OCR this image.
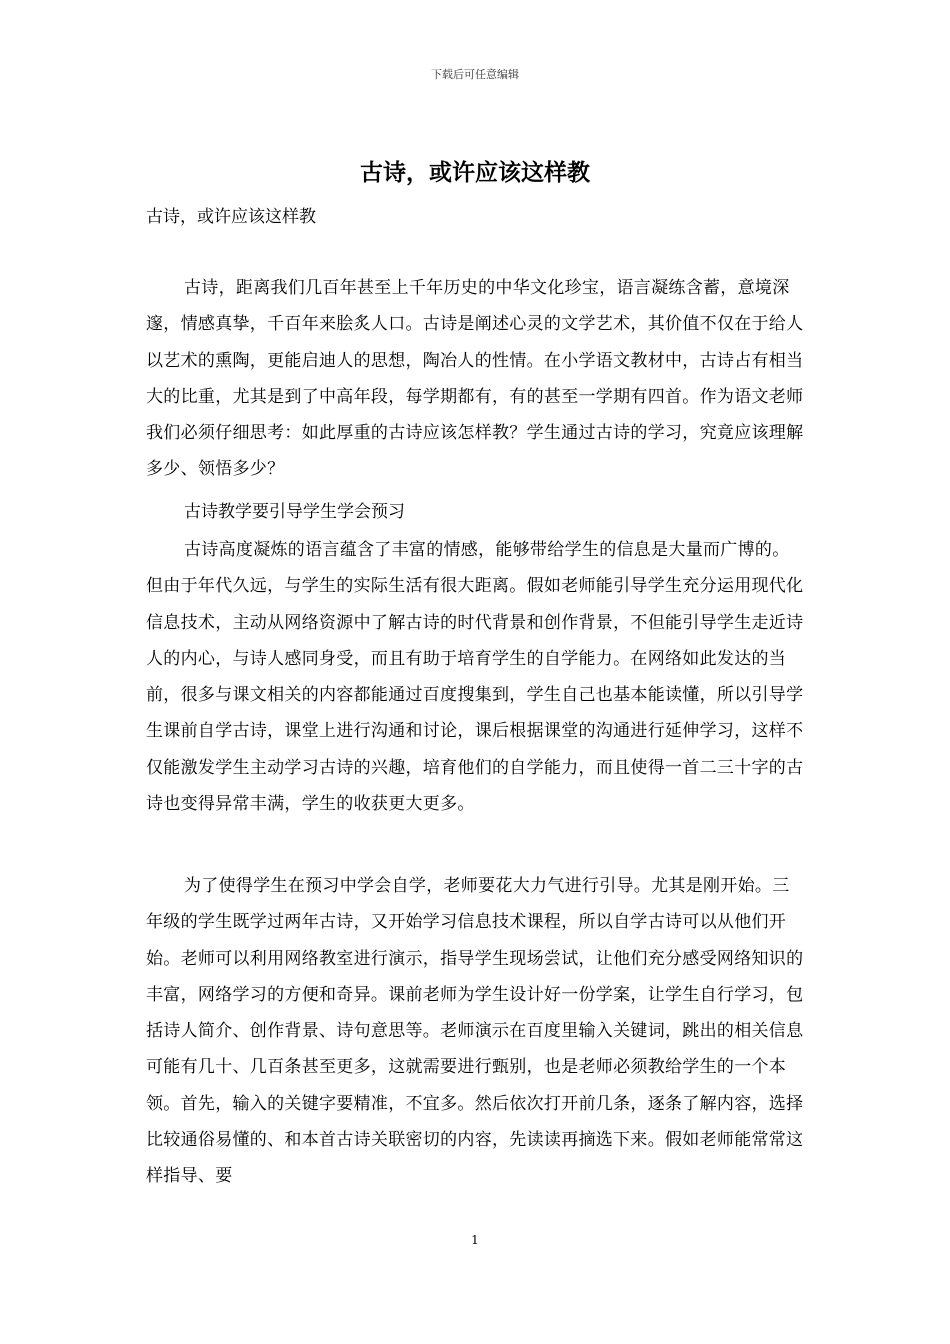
下载后可任意编辑
古诗，或许应该这样教

古诗，或许应该这样教

古诗，距离我们几百年甚至上千年历史的中华文化珍宝，语言凝练含蓄，意境深邃，情感真挚，千百年来脍炙人口。古诗是阐述心灵的文学艺术，其价值不仅在于给人以艺术的熏陶，更能启迪人的思想，陶冶人的性情。在小学语文教材中，古诗占有相当大的比重，尤其是到了中高年段，每学期都有，有的甚至一学期有四首。作为语文老师我们必须仔细思考：如此厚重的古诗应该怎样教？学生通过古诗的学习，究竟应该理解多少、领悟多少？

古诗教学要引导学生学会预习

古诗高度凝炼的语言蕴含了丰富的情感，能够带给学生的信息是大量而广博的。但由于年代久远，与学生的实际生活有很大距离。假如老师能引导学生充分运用现代化信息技术，主动从网络资源中了解古诗的时代背景和创作背景，不但能引导学生走近诗人的内心，与诗人感同身受，而且有助于培育学生的自学能力。在网络如此发达的当前，很多与课文相关的内容都能通过百度搜集到，学生自己也基本能读懂，所以引导学生课前自学古诗，课堂上进行沟通和讨论，课后根据课堂的沟通进行延伸学习，这样不仅能激发学生主动学习古诗的兴趣，培育他们的自学能力，而且使得一首二三十字的古诗也变得异常丰满，学生的收获更大更多。

为了使得学生在预习中学会自学，老师要花大力气进行引导。尤其是刚开始。三年级的学生既学过两年古诗，又开始学习信息技术课程，所以自学古诗可以从他们开始。老师可以利用网络教室进行演示，指导学生现场尝试，让他们充分感受网络知识的丰富，网络学习的方便和奇异。课前老师为学生设计好一份学案，让学生自行学习，包括诗人简介、创作背景、诗句意思等。老师演示在百度里输入关键词，跳出的相关信息可能有几十、几百条甚至更多，这就需要进行甄别，也是老师必须教给学生的一个本领。首先，输入的关键字要精准，不宜多。然后依次打开前几条，逐条了解内容，选择比较通俗易懂的、和本首古诗关联密切的内容，先读读再摘选下来。假如老师能常常这样指导、要

1
